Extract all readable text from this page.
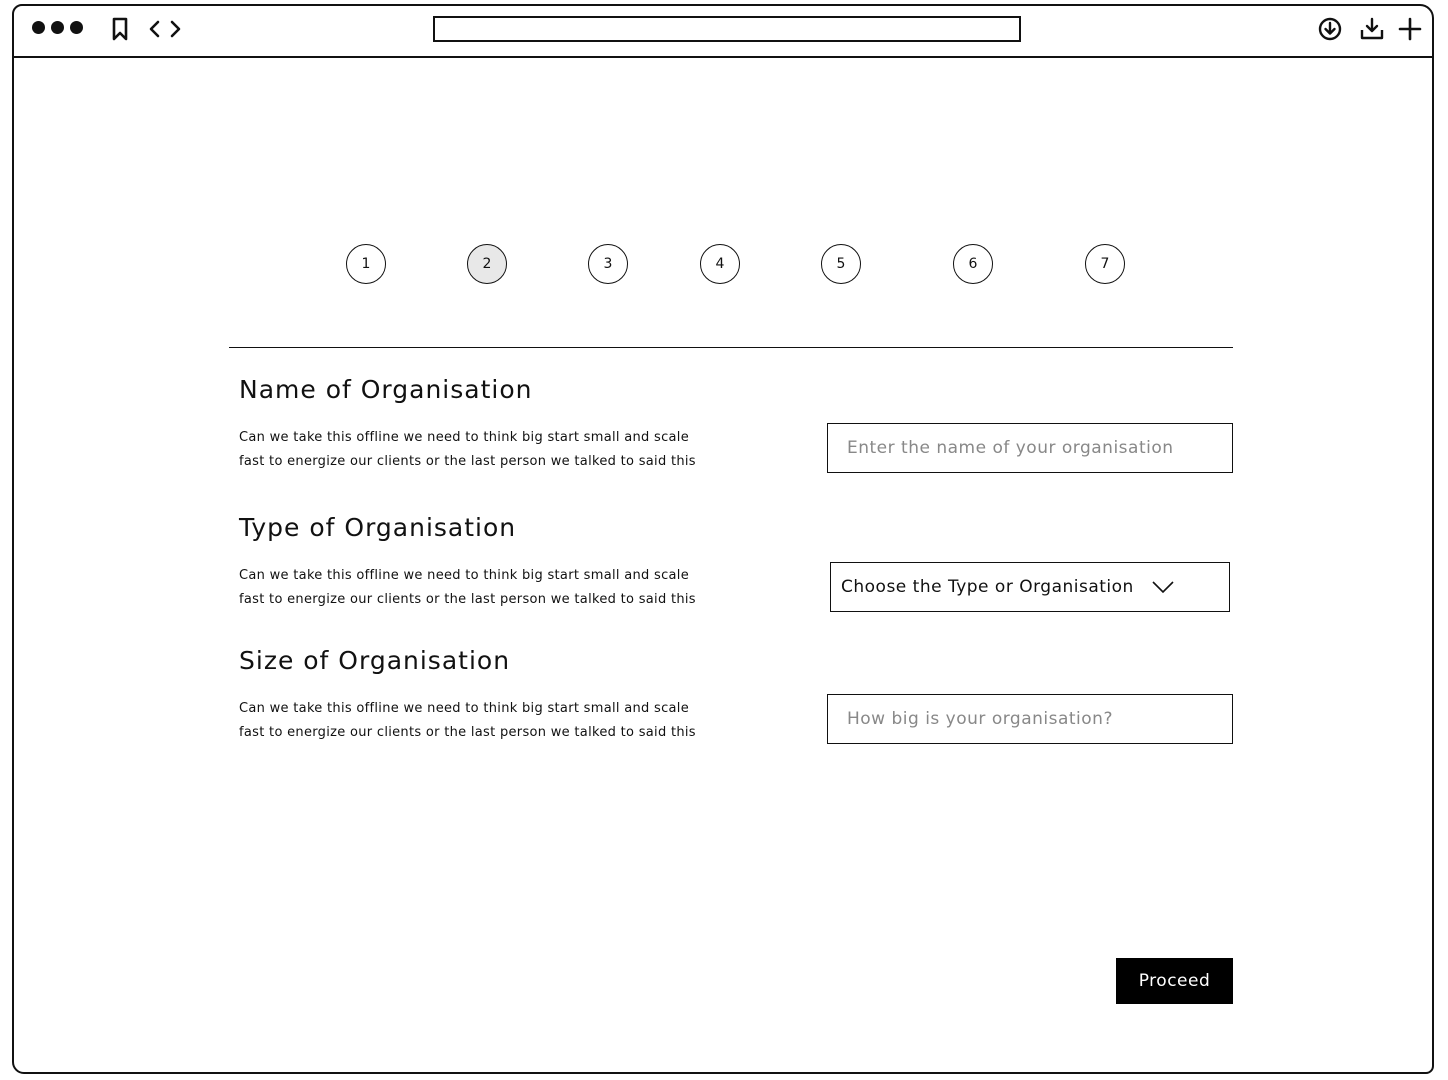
1	2	3	4	5	6	7
Name of Organisation
Can we take this offline we need to think big start small and scale
fast to energize our clients or the last person we talked to said this
Enter the name of your organisation
Type of Organisation
Can we take this offline we need to think big start small and scale
fast to energize our clients or the last person we talked to said this
Choose the Type or Organisation
Size of Organisation
Can we take this offline we need to think big start small and scale
fast to energize our clients or the last person we talked to said this
How big is your organisation?
Proceed
